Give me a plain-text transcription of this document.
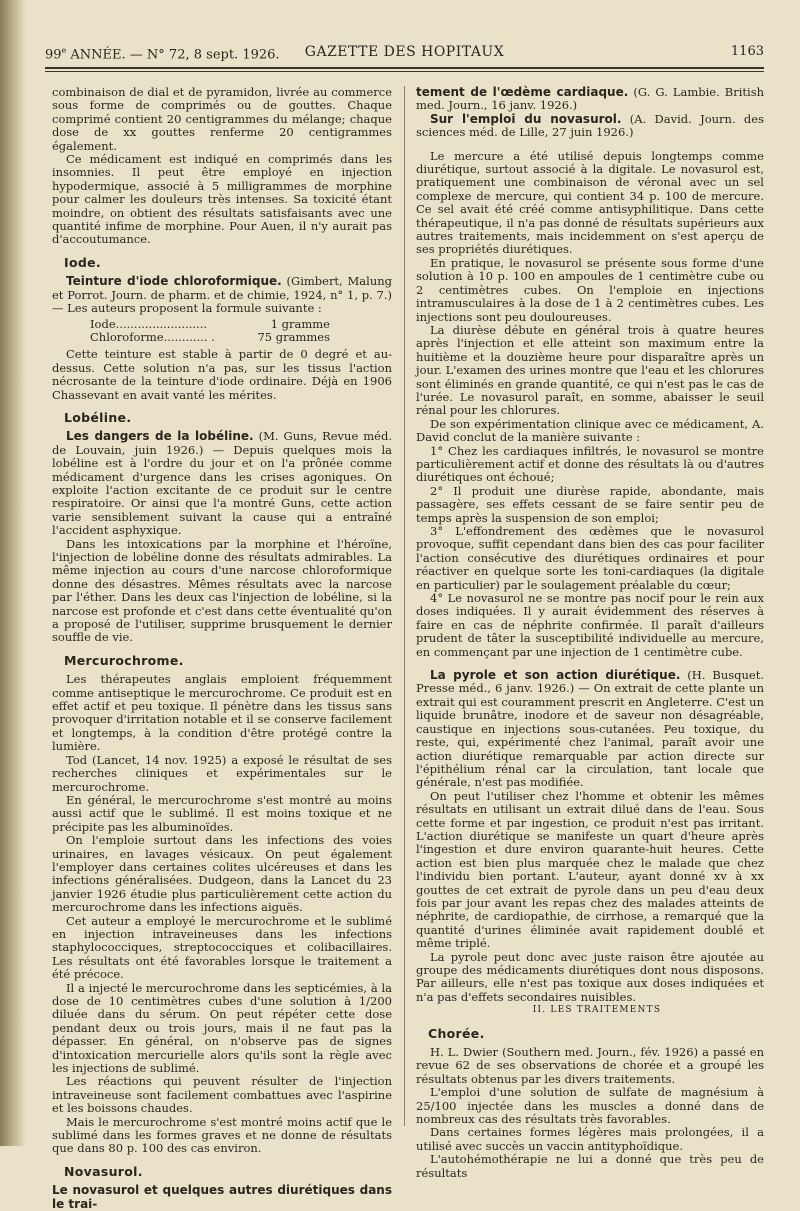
99e ANNÉE. — N° 72, 8 sept. 1926.	GAZETTE DES HOPITAUX	1163

combinaison de dial et de pyramidon, livrée au commerce sous forme de comprimés ou de gouttes. Chaque comprimé contient 20 centigrammes du mélange; chaque dose de xx gouttes renferme 20 centigrammes également.

Ce médicament est indiqué en comprimés dans les insomnies. Il peut être employé en injection hypodermique, associé à 5 milligrammes de morphine pour calmer les douleurs très intenses. Sa toxicité étant moindre, on obtient des résultats satisfaisants avec une quantité infime de morphine. Pour Auen, il n'y aurait pas d'accoutumance.

Iode.

Teinture d'iode chloroformique. (Gimbert, Malung et Porrot. Journ. de pharm. et de chimie, 1924, n° 1, p. 7.) — Les auteurs proposent la formule suivante :

Iode.........................	1 gramme
Chloroforme............ .	75 grammes

Cette teinture est stable à partir de 0 degré et au-dessus. Cette solution n'a pas, sur les tissus l'action nécrosante de la teinture d'iode ordinaire. Déjà en 1906 Chassevant en avait vanté les mérites.

Lobéline.

Les dangers de la lobéline. (M. Guns, Revue méd. de Louvain, juin 1926.) — Depuis quelques mois la lobéline est à l'ordre du jour et on l'a prônée comme médicament d'urgence dans les crises agoniques. On exploite l'action excitante de ce produit sur le centre respiratoire. Or ainsi que l'a montré Guns, cette action varie sensiblement suivant la cause qui a entraîné l'accident asphyxique.

Dans les intoxications par la morphine et l'héroïne, l'injection de lobéline donne des résultats admirables. La même injection au cours d'une narcose chloroformique donne des désastres. Mêmes résultats avec la narcose par l'éther. Dans les deux cas l'injection de lobéline, si la narcose est profonde et c'est dans cette éventualité qu'on a proposé de l'utiliser, supprime brusquement le dernier souffle de vie.

Mercurochrome.

Les thérapeutes anglais emploient fréquemment comme antiseptique le mercurochrome. Ce produit est en effet actif et peu toxique. Il pénètre dans les tissus sans provoquer d'irritation notable et il se conserve facilement et longtemps, à la condition d'être protégé contre la lumière.

Tod (Lancet, 14 nov. 1925) a exposé le résultat de ses recherches cliniques et expérimentales sur le mercurochrome.

En général, le mercurochrome s'est montré au moins aussi actif que le sublimé. Il est moins toxique et ne précipite pas les albuminoïdes.

On l'emploie surtout dans les infections des voies urinaires, en lavages vésicaux. On peut également l'employer dans certaines colites ulcéreuses et dans les infections généralisées. Dudgeon, dans la Lancet du 23 janvier 1926 étudie plus particulièrement cette action du mercurochrome dans les infections aiguës.

Cet auteur a employé le mercurochrome et le sublimé en injection intraveineuses dans les infections staphylococciques, streptococciques et colibacillaires. Les résultats ont été favorables lorsque le traitement a été précoce.

Il a injecté le mercurochrome dans les septicémies, à la dose de 10 centimètres cubes d'une solution à 1/200 diluée dans du sérum. On peut répéter cette dose pendant deux ou trois jours, mais il ne faut pas la dépasser. En général, on n'observe pas de signes d'intoxication mercurielle alors qu'ils sont la règle avec les injections de sublimé.

Les réactions qui peuvent résulter de l'injection intraveineuse sont facilement combattues avec l'aspirine et les boissons chaudes.

Mais le mercurochrome s'est montré moins actif que le sublimé dans les formes graves et ne donne de résultats que dans 80 p. 100 des cas environ.

Novasurol.

Le novasurol et quelques autres diurétiques dans le trai-

tement de l'œdème cardiaque. (G. G. Lambie. British med. Journ., 16 janv. 1926.)

Sur l'emploi du novasurol. (A. David. Journ. des sciences méd. de Lille, 27 juin 1926.)

Le mercure a été utilisé depuis longtemps comme diurétique, surtout associé à la digitale. Le novasurol est, pratiquement une combinaison de véronal avec un sel complexe de mercure, qui contient 34 p. 100 de mercure. Ce sel avait été créé comme antisyphilitique. Dans cette thérapeutique, il n'a pas donné de résultats supérieurs aux autres traitements, mais incidemment on s'est aperçu de ses propriétés diurétiques.

En pratique, le novasurol se présente sous forme d'une solution à 10 p. 100 en ampoules de 1 centimètre cube ou 2 centimètres cubes. On l'emploie en injections intramusculaires à la dose de 1 à 2 centimètres cubes. Les injections sont peu douloureuses.

La diurèse débute en général trois à quatre heures après l'injection et elle atteint son maximum entre la huitième et la douzième heure pour disparaître après un jour. L'examen des urines montre que l'eau et les chlorures sont éliminés en grande quantité, ce qui n'est pas le cas de l'urée. Le novasurol paraît, en somme, abaisser le seuil rénal pour les chlorures.

De son expérimentation clinique avec ce médicament, A. David conclut de la manière suivante :

1° Chez les cardiaques infiltrés, le novasurol se montre particulièrement actif et donne des résultats là ou d'autres diurétiques ont échoué;

2° Il produit une diurèse rapide, abondante, mais passagère, ses effets cessant de se faire sentir peu de temps après la suspension de son emploi;

3° L'effondrement des œdèmes que le novasurol provoque, suffit cependant dans bien des cas pour faciliter l'action consécutive des diurétiques ordinaires et pour réactiver en quelque sorte les toni-cardiaques (la digitale en particulier) par le soulagement préalable du cœur;

4° Le novasurol ne se montre pas nocif pour le rein aux doses indiquées. Il y aurait évidemment des réserves à faire en cas de néphrite confirmée. Il paraît d'ailleurs prudent de tâter la susceptibilité individuelle au mercure, en commençant par une injection de 1 centimètre cube.

La pyrole et son action diurétique. (H. Busquet. Presse méd., 6 janv. 1926.) — On extrait de cette plante un extrait qui est couramment prescrit en Angleterre. C'est un liquide brunâtre, inodore et de saveur non désagréable, caustique en injections sous-cutanées. Peu toxique, du reste, qui, expérimenté chez l'animal, paraît avoir une action diurétique remarquable par action directe sur l'épithélium rénal car la circulation, tant locale que générale, n'est pas modifiée.

On peut l'utiliser chez l'homme et obtenir les mêmes résultats en utilisant un extrait dilué dans de l'eau. Sous cette forme et par ingestion, ce produit n'est pas irritant. L'action diurétique se manifeste un quart d'heure après l'ingestion et dure environ quarante-huit heures. Cette action est bien plus marquée chez le malade que chez l'individu bien portant. L'auteur, ayant donné xv à xx gouttes de cet extrait de pyrole dans un peu d'eau deux fois par jour avant les repas chez des malades atteints de néphrite, de cardiopathie, de cirrhose, a remarqué que la quantité d'urines éliminée avait rapidement doublé et même triplé.

La pyrole peut donc avec juste raison être ajoutée au groupe des médicaments diurétiques dont nous disposons. Par ailleurs, elle n'est pas toxique aux doses indiquées et n'a pas d'effets secondaires nuisibles.

II. LES TRAITEMENTS

Chorée.

H. L. Dwier (Southern med. Journ., fév. 1926) a passé en revue 62 de ses observations de chorée et a groupé les résultats obtenus par les divers traitements.

L'emploi d'une solution de sulfate de magnésium à 25/100 injectée dans les muscles a donné dans de nombreux cas des résultats très favorables.

Dans certaines formes légères mais prolongées, il a utilisé avec succès un vaccin antityphoïdique.

L'autohémothérapie ne lui a donné que très peu de résultats
